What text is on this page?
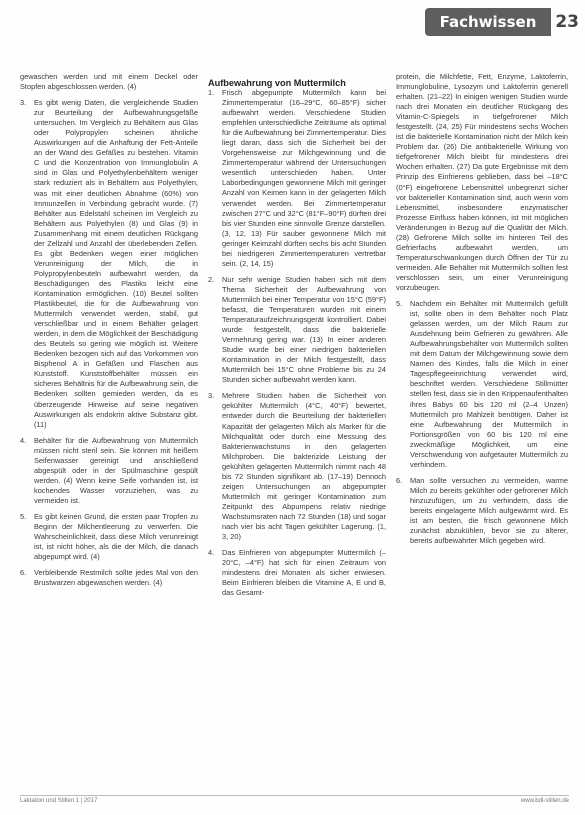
Fachwissen 23

gewaschen werden und mit einem Deckel oder Stopfen abgeschlossen werden. (4)

3. Es gibt wenig Daten, die vergleichende Studien zur Beurteilung der Aufbewahrungsgefäße untersuchen. Im Vergleich zu Behältern aus Glas oder Polypropylen scheinen ähnliche Auswirkungen auf die Anhaftung der Fett-Anteile an der Wand des Gefäßes zu bestehen. Vitamin C und die Konzentration von Immunglobulin A sind in Glas und Polyethylenbehältern weniger stark reduziert als in Behältern aus Polyethylen, was mit einer deutlichen Abnahme (60%) von Immunzellen in Verbindung gebracht wurde. (7) Behälter aus Edelstahl scheinen im Vergleich zu Behältern aus Polyethylen (8) und Glas (9) in Zusammenhang mit einem deutlichen Rückgang der Zellzahl und Anzahl der überlebenden Zellen. Es gibt Bedenken wegen einer möglichen Verunreinigung der Milch, die in Polypropylenbeuteln aufbewahrt werden, da Beschädigungen des Plastiks leicht eine Kontamination ermöglichen. (10) Beutel sollten Plastikbeutel, die für die Aufbewahrung von Muttermilch verwendet werden, stabil, gut verschließbar und in einem Behälter gelagert werden, in dem die Möglichkeit der Beschädigung des Beutels so gering wie möglich ist. Weitere Bedenken bezogen sich auf das Vorkommen von Bisphenol A in Gefäßen und Flaschen aus Kunststoff. Kunststoffbehälter müssen ein sicheres Behältnis für die Aufbewahrung sein, die Bedenken sollten gemieden werden, da es überzeugende Hinweise auf seine negativen Auswirkungen als endokrin aktive Substanz gibt. (11)
4. Behälter für die Aufbewahrung von Muttermilch müssen nicht steril sein. Sie können mit heißem Seifenwasser gereinigt und anschließend abgespült oder in der Spülmaschine gespült werden. (4) Wenn keine Seife vorhanden ist, ist kochendes Wasser vorzuziehen, was zu vermeiden ist.
5. Es gibt keinen Grund, die ersten paar Tropfen zu Beginn der Milchentleerung zu verwerfen. Die Wahrscheinlichkeit, dass diese Milch verunreinigt ist, ist nicht höher, als die der Milch, die danach abgepumpt wird. (4)
6. Verbleibende Restmilch sollte jedes Mal von den Brustwarzen abgewaschen werden. (4)
Aufbewahrung von Muttermilch
1. Frisch abgepumpte Muttermilch kann bei Zimmertemperatur (16–29°C, 60–85°F) sicher aufbewahrt werden. Verschiedene Studien empfehlen unterschiedliche Zeiträume als optimal für die Aufbewahrung bei Zimmertemperatur. Dies liegt daran, dass sich die Sicherheit bei der Vorgehensweise zur Milchgewinnung und die Zimmertemperatur während der Untersuchungen wesentlich unterschieden haben. Unter Laborbedingungen gewonnene Milch mit geringer Anzahl von Keimen kann in der gelagerten Milch verwendet werden. Bei Zimmertemperatur zwischen 27°C und 32°C (81°F–90°F) dürften drei bis vier Stunden eine sinnvolle Grenze darstellen. (3, 12, 13) Für sauber gewonnene Milch mit geringer Keimzahl dürften sechs bis acht Stunden bei niedrigeren Zimmertemperaturen vertretbar sein. (2, 14, 15)
2. Nur sehr wenige Studien haben sich mit dem Thema Sicherheit der Aufbewahrung von Muttermilch bei einer Temperatur von 15°C (59°F) befasst, die Temperaturen wurden mit einem Temperaturaufzeichnungsgerät kontrolliert. Dabei wurde festgestellt, dass die bakterielle Vermehrung gering war. (13) In einer anderen Studie wurde bei einer niedrigen bakteriellen Kontamination in der Milch festgestellt, dass Muttermilch bei 15°C ohne Probleme bis zu 24 Stunden sicher aufbewahrt werden kann.
3. Mehrere Studien haben die Sicherheit von gekühlter Muttermilch (4°C, 40°F) bewertet, entweder durch die Beurteilung der bakteriellen Kapazität der gelagerten Milch als Marker für die Milchqualität oder durch eine Messung des Bakterienwachstums in den gelagerten Milchproben. Die bakterizide Leistung der gekühlten gelagerten Muttermilch nimmt nach 48 bis 72 Stunden signifikant ab. (17–19) Dennoch zeigen Untersuchungen an abgepumpter Muttermilch mit geringer Kontamination zum Zeitpunkt des Abpumpens relativ niedrige Wachstumsraten nach 72 Stunden (18) und sogar nach vier bis acht Tagen gekühlter Lagerung. (1, 3, 20)
4. Das Einfrieren von abgepumpter Muttermilch (–20°C, –4°F) hat sich für einen Zeitraum von mindestens drei Monaten als sicher erwiesen. Beim Einfrieren bleiben die Vitamine A, E und B, das Gesamt-

protein, die Milchfette, Fett, Enzyme, Laktoferrin, Immunglobuline, Lysozym und Laktoferrin generell erhalten. (21–22) In einigen wenigen Studien wurde nach drei Monaten ein deutlicher Rückgang des Vitamin-C-Spiegels in tiefgefrorener Milch festgestellt. (24, 25) Für mindestens sechs Wochen ist die bakterielle Kontamination nicht der Milch kein Problem dar. (26) Die antibakterielle Wirkung von tiefgefrorener Milch bleibt für mindestens drei Wochen erhalten. (27) Da gute Ergebnisse mit dem Prinzip des Einfrierens geblieben, dass bei –18°C (0°F) eingefrorene Lebensmittel unbegrenzt sicher vor bakterieller Kontamination sind, auch wenn vom Lebensmittel, insbesondere enzymatischer Prozesse Einfluss haben können, ist mit möglichen Veränderungen in Bezug auf die Qualität der Milch. (28) Gefrorene Milch sollte im hinteren Teil des Gefrierfachs aufbewahrt werden, um Temperaturschwankungen durch Öffnen der Tür zu vermeiden. Alle Behälter mit Muttermilch sollten fest verschlossen sein, um einer Verunreinigung vorzubeugen.

5. Nachdem ein Behälter mit Muttermilch gefüllt ist, sollte oben in dem Behälter noch Platz gelassen werden, um der Milch Raum zur Ausdehnung beim Gefrieren zu gewähren. Alle Aufbewahrungsbehälter von Muttermilch sollten mit dem Datum der Milchgewinnung sowie dem Namen des Kindes, falls die Milch in einer Tagespflegeeinrichtung verwendet wird, beschriftet werden. Verschiedene Stillmütter stellen fest, dass sie in den Krippenaufenthalten ihres Babys 60 bis 120 ml (2–4 Unzen) Muttermilch pro Mahlzeit benötigen. Daher ist eine Aufbewahrung der Muttermilch in Portionsgrößen von 60 bis 120 ml eine zweckmäßige Möglichkeit, um eine Verschwendung von aufgetauter Muttermilch zu verhindern.
6. Man sollte versuchen zu vermeiden, warme Milch zu bereits gekühlter oder gefrorener Milch hinzuzufügen, um zu verhindern, dass die bereits eingelagerte Milch aufgewärmt wird. Es ist am besten, die frisch gewonnene Milch zunächst abzukühlen, bevor sie zu älterer, bereits aufbewahrter Milch gegeben wird.
Laktation und Stillen 1 | 2017	www.bdl-stillen.de
